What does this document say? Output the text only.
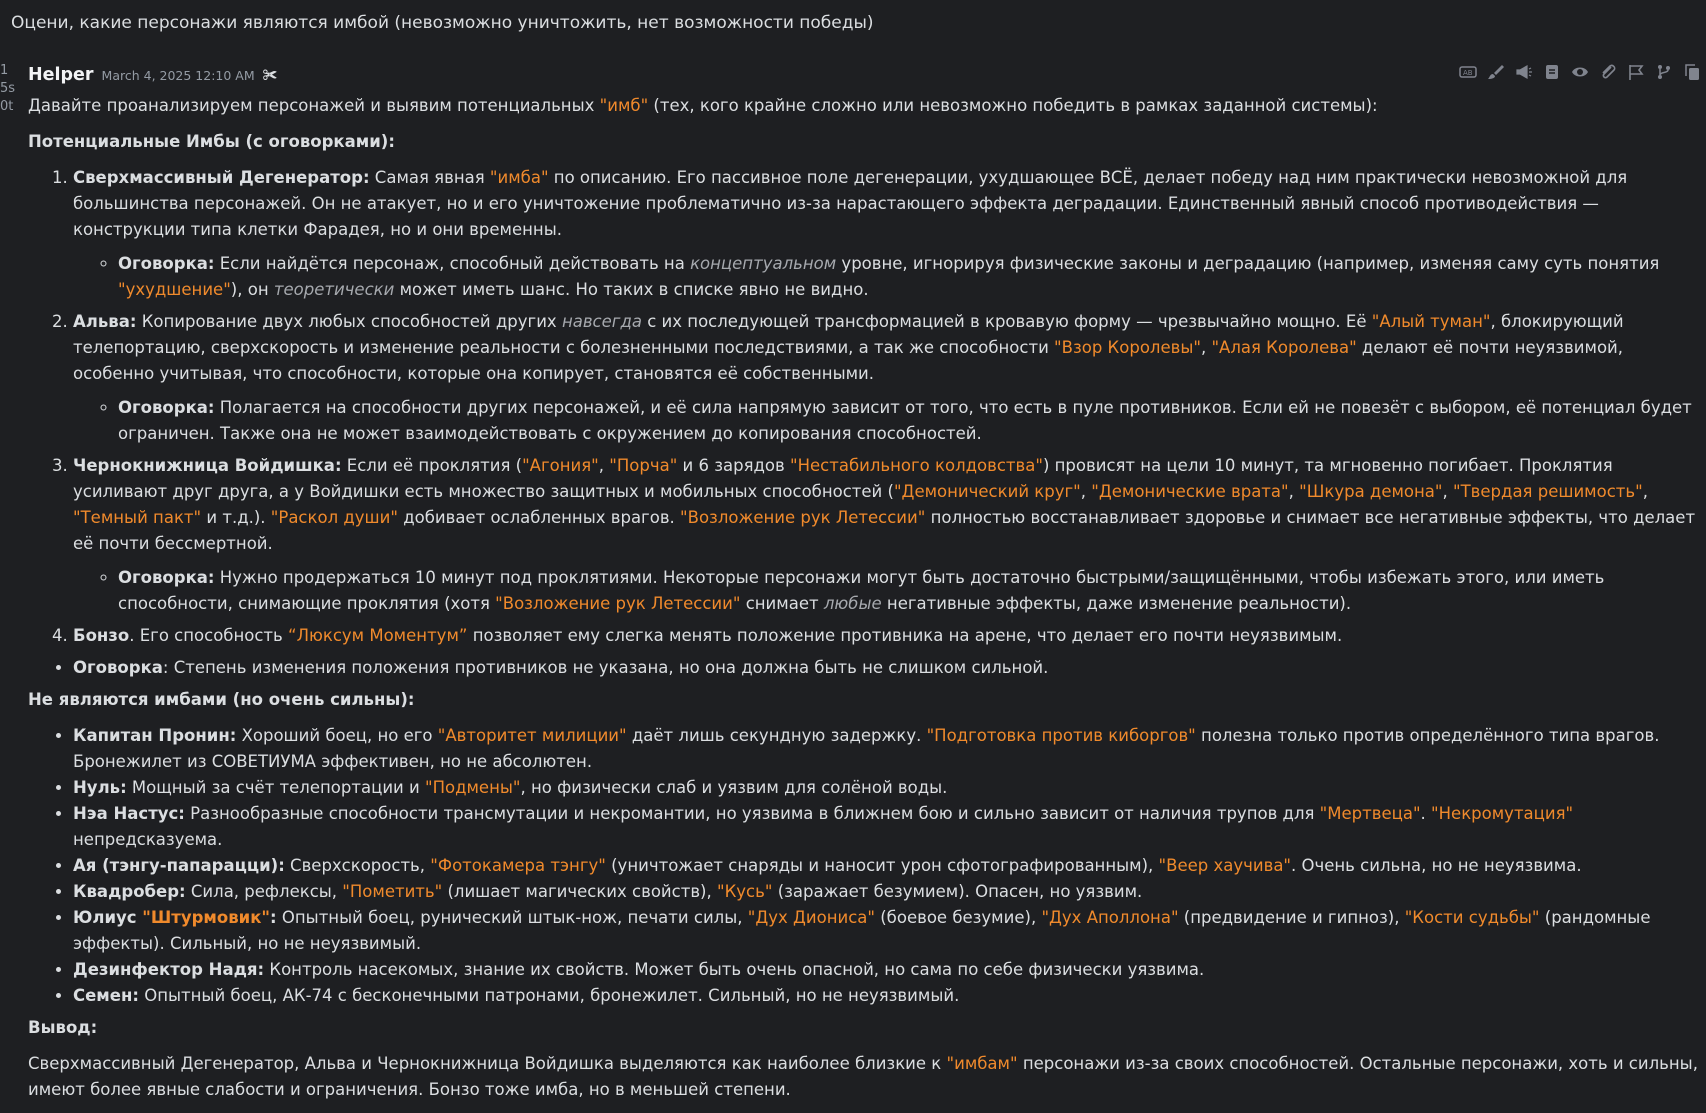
Оцени, какие персонажи являются имбой (невозможно уничтожить, нет возможности победы)
1
5s
0t
Helper March 4, 2025 12:10 AM ✀	AB

Давайте проанализируем персонажей и выявим потенциальных "имб" (тех, кого крайне сложно или невозможно победить в рамках заданной системы):

Потенциальные Имбы (с оговорками):

1. Сверхмассивный Дегенератор: Самая явная "имба" по описанию. Его пассивное поле дегенерации, ухудшающее ВСЁ, делает победу над ним практически невозможной для большинства персонажей. Он не атакует, но и его уничтожение проблематично из-за нарастающего эффекта деградации. Единственный явный способ противодействия — конструкции типа клетки Фарадея, но и они временны.
◦ Оговорка: Если найдётся персонаж, способный действовать на концептуальном уровне, игнорируя физические законы и деградацию (например, изменяя саму суть понятия "ухудшение"), он теоретически может иметь шанс. Но таких в списке явно не видно.
2. Альва: Копирование двух любых способностей других навсегда с их последующей трансформацией в кровавую форму — чрезвычайно мощно. Её "Алый туман", блокирующий телепортацию, сверхскорость и изменение реальности с болезненными последствиями, а так же способности "Взор Королевы", "Алая Королева" делают её почти неуязвимой, особенно учитывая, что способности, которые она копирует, становятся её собственными.
◦ Оговорка: Полагается на способности других персонажей, и её сила напрямую зависит от того, что есть в пуле противников. Если ей не повезёт с выбором, её потенциал будет ограничен. Также она не может взаимодействовать с окружением до копирования способностей.
3. Чернокнижница Войдишка: Если её проклятия ("Агония", "Порча" и 6 зарядов "Нестабильного колдовства") провисят на цели 10 минут, та мгновенно погибает. Проклятия усиливают друг друга, а у Войдишки есть множество защитных и мобильных способностей ("Демонический круг", "Демонические врата", "Шкура демона", "Твердая решимость", "Темный пакт" и т.д.). "Раскол души" добивает ослабленных врагов. "Возложение рук Летессии" полностью восстанавливает здоровье и снимает все негативные эффекты, что делает её почти бессмертной.
◦ Оговорка: Нужно продержаться 10 минут под проклятиями. Некоторые персонажи могут быть достаточно быстрыми/защищёнными, чтобы избежать этого, или иметь способности, снимающие проклятия (хотя "Возложение рук Летессии" снимает любые негативные эффекты, даже изменение реальности).
4. Бонзо. Его способность “Люксум Моментум” позволяет ему слегка менять положение противника на арене, что делает его почти неуязвимым.
• Оговорка: Степень изменения положения противников не указана, но она должна быть не слишком сильной.

Не являются имбами (но очень сильны):

• Капитан Пронин: Хороший боец, но его "Авторитет милиции" даёт лишь секундную задержку. "Подготовка против киборгов" полезна только против определённого типа врагов. Бронежилет из СОВЕТИУМА эффективен, но не абсолютен.
• Нуль: Мощный за счёт телепортации и "Подмены", но физически слаб и уязвим для солёной воды.
• Нэа Настус: Разнообразные способности трансмутации и некромантии, но уязвима в ближнем бою и сильно зависит от наличия трупов для "Мертвеца". "Некромутация" непредсказуема.
• Ая (тэнгу-папарацци): Сверхскорость, "Фотокамера тэнгу" (уничтожает снаряды и наносит урон сфотографированным), "Веер хаучива". Очень сильна, но не неуязвима.
• Квадробер: Сила, рефлексы, "Пометить" (лишает магических свойств), "Кусь" (заражает безумием). Опасен, но уязвим.
• Юлиус "Штурмовик": Опытный боец, рунический штык-нож, печати силы, "Дух Диониса" (боевое безумие), "Дух Аполлона" (предвидение и гипноз), "Кости судьбы" (рандомные эффекты). Сильный, но не неуязвимый.
• Дезинфектор Надя: Контроль насекомых, знание их свойств. Может быть очень опасной, но сама по себе физически уязвима.
• Семен: Опытный боец, АК-74 с бесконечными патронами, бронежилет. Сильный, но не неуязвимый.

Вывод:

Сверхмассивный Дегенератор, Альва и Чернокнижница Войдишка выделяются как наиболее близкие к "имбам" персонажи из-за своих способностей. Остальные персонажи, хоть и сильны, имеют более явные слабости и ограничения. Бонзо тоже имба, но в меньшей степени.
